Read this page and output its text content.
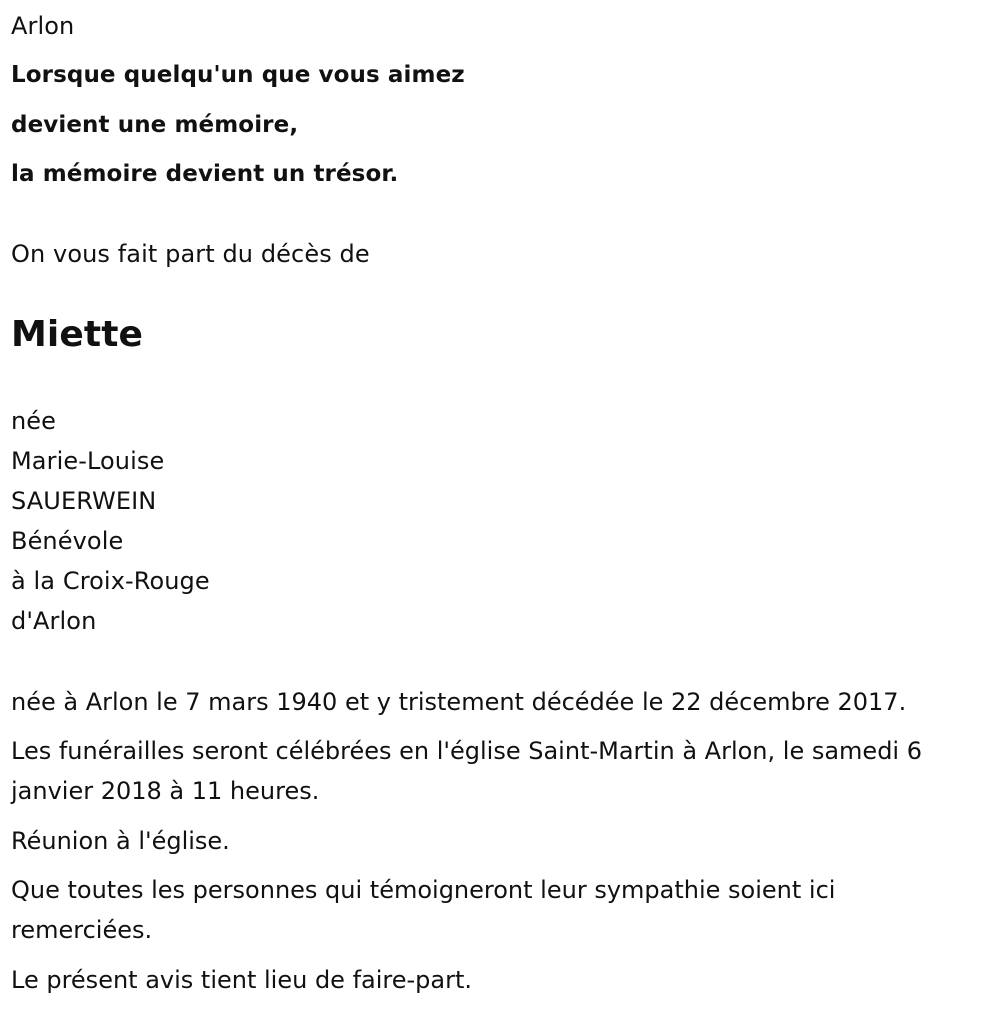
Arlon
Lorsque quelqu'un que vous aimez
devient une mémoire,
la mémoire devient un trésor.
On vous fait part du décès de
Miette
née
Marie-Louise
SAUERWEIN
Bénévole
à la Croix-Rouge
d'Arlon
née à Arlon le 7 mars 1940 et y tristement décédée le 22 décembre 2017.
Les funérailles seront célébrées en l'église Saint-Martin à Arlon, le samedi 6 janvier 2018 à 11 heures.
Réunion à l'église.
Que toutes les personnes qui témoigneront leur sympathie soient ici remerciées.
Le présent avis tient lieu de faire-part.
